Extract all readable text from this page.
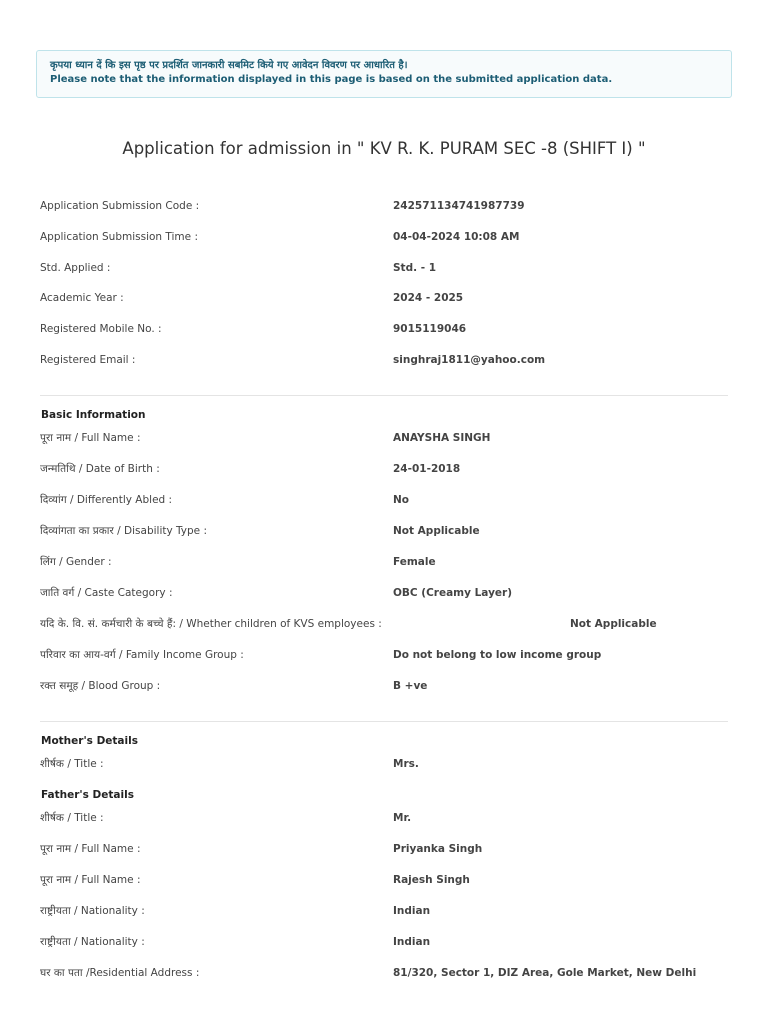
कृपया ध्यान दें कि इस पृष्ठ पर प्रदर्शित जानकारी सबमिट किये गए आवेदन विवरण पर आधारित है।
Please note that the information displayed in this page is based on the submitted application data.
Application for admission in " KV R. K. PURAM SEC -8 (SHIFT I) "
Application Submission Code :	242571134741987739
Application Submission Time :	04-04-2024 10:08 AM
Std. Applied :	Std. - 1
Academic Year :	2024 - 2025
Registered Mobile No. :	9015119046
Registered Email :	singhraj1811@yahoo.com
Basic Information
पूरा नाम / Full Name :	ANAYSHA SINGH
जन्मतिथि / Date of Birth :	24-01-2018
दिव्यांग / Differently Abled :	No
दिव्यांगता का प्रकार / Disability Type :	Not Applicable
लिंग / Gender :	Female
जाति वर्ग / Caste Category :	OBC (Creamy Layer)
यदि के. वि. सं. कर्मचारी के बच्चे हैं: / Whether children of KVS employees :	Not Applicable
परिवार का आय-वर्ग / Family Income Group :	Do not belong to low income group
रक्त समूह / Blood Group :	B +ve
Mother's Details
शीर्षक / Title :	Mrs.
Father's Details
शीर्षक / Title :	Mr.
पूरा नाम / Full Name :	Priyanka Singh
पूरा नाम / Full Name :	Rajesh Singh
राष्ट्रीयता / Nationality :	Indian
राष्ट्रीयता / Nationality :	Indian
घर का पता /Residential Address :	81/320, Sector 1, DIZ Area, Gole Market, New Delhi
